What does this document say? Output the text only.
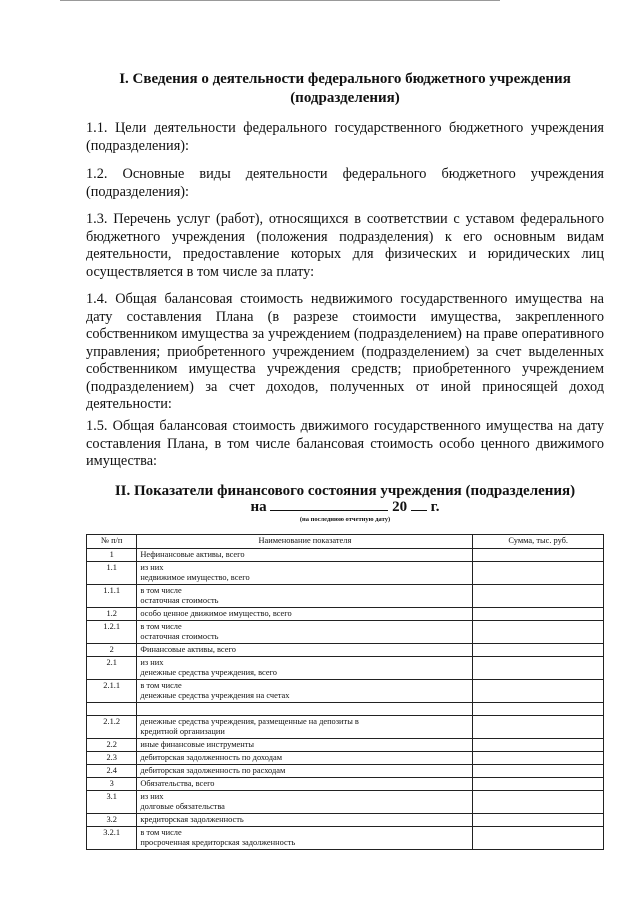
I. Сведения о деятельности федерального бюджетного учреждения
(подразделения)
1.1. Цели деятельности федерального государственного бюджетного учреждения (подразделения):
1.2. Основные виды деятельности федерального бюджетного учреждения (подразделения):
1.3. Перечень услуг (работ), относящихся в соответствии с уставом федерального бюджетного учреждения (положения подразделения) к его основным видам деятельности, предоставление которых для физических и юридических лиц осуществляется в том числе за плату:
1.4. Общая балансовая стоимость недвижимого государственного имущества на дату составления Плана (в разрезе стоимости имущества, закрепленного собственником имущества за учреждением (подразделением) на праве оперативного управления; приобретенного учреждением (подразделением) за счет выделенных собственником имущества учреждения средств; приобретенного учреждением (подразделением) за счет доходов, полученных от иной приносящей доход деятельности:
1.5. Общая балансовая стоимость движимого государственного имущества на дату составления Плана, в том числе балансовая стоимость особо ценного движимого имущества:
II. Показатели финансового состояния учреждения (подразделения)
на	20 г.
(на последнюю отчетную дату)
№ п/п	Наименование показателя	Сумма, тыс. руб.
1	Нефинансовые активы, всего	

1.1	из них
недвижимое имущество, всего	

1.1.1	в том числе
остаточная стоимость	

1.2	особо ценное движимое имущество, всего	

1.2.1	в том числе
остаточная стоимость	

2	Финансовые активы, всего	

2.1	из них
денежные средства учреждения, всего	

2.1.1	в том числе
денежные средства учреждения на счетах	

2.1.2	денежные средства учреждения, размещенные на депозиты в
кредитной организации	

2.2	иные финансовые инструменты	

2.3	дебиторская задолженность по доходам	

2.4	дебиторская задолженность по расходам	

3	Обязательства, всего	

3.1	из них
долговые обязательства	

3.2	кредиторская задолженность	

3.2.1	в том числе
просроченная кредиторская задолженность	
